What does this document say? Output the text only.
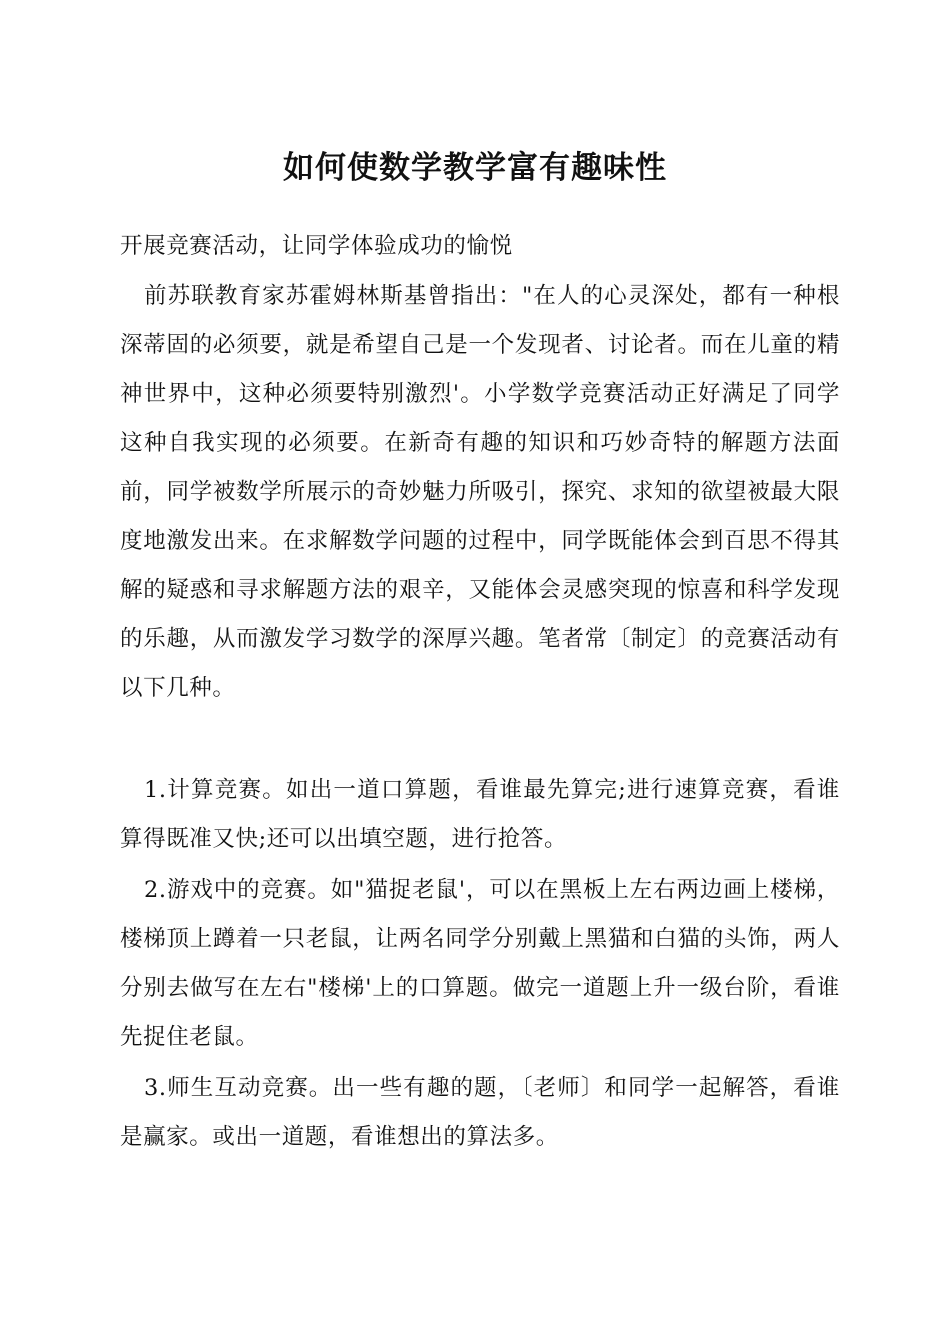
如何使数学教学富有趣味性

开展竞赛活动，让同学体验成功的愉悦

前苏联教育家苏霍姆林斯基曾指出："在人的心灵深处，都有一种根深蒂固的必须要，就是希望自己是一个发现者、讨论者。而在儿童的精神世界中，这种必须要特别激烈'。小学数学竞赛活动正好满足了同学这种自我实现的必须要。在新奇有趣的知识和巧妙奇特的解题方法面前，同学被数学所展示的奇妙魅力所吸引，探究、求知的欲望被最大限度地激发出来。在求解数学问题的过程中，同学既能体会到百思不得其解的疑惑和寻求解题方法的艰辛，又能体会灵感突现的惊喜和科学发现的乐趣，从而激发学习数学的深厚兴趣。笔者常〔制定〕的竞赛活动有以下几种。

1.计算竞赛。如出一道口算题，看谁最先算完;进行速算竞赛，看谁算得既准又快;还可以出填空题，进行抢答。

2.游戏中的竞赛。如"猫捉老鼠'，可以在黑板上左右两边画上楼梯，楼梯顶上蹲着一只老鼠，让两名同学分别戴上黑猫和白猫的头饰，两人分别去做写在左右"楼梯'上的口算题。做完一道题上升一级台阶，看谁先捉住老鼠。

3.师生互动竞赛。出一些有趣的题，〔老师〕和同学一起解答，看谁是赢家。或出一道题，看谁想出的算法多。
